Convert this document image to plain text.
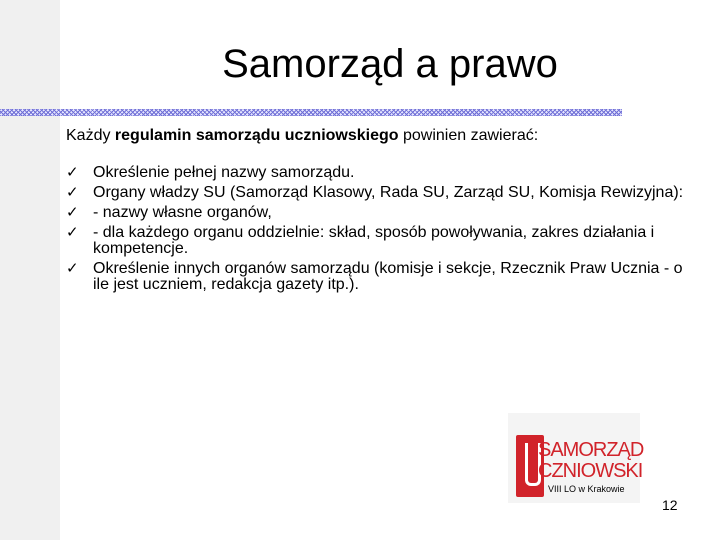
Samorząd a prawo
Każdy regulamin samorządu uczniowskiego powinien zawierać:
✓ Określenie pełnej nazwy samorządu.
✓ Organy władzy SU (Samorząd Klasowy, Rada SU, Zarząd SU, Komisja Rewizyjna):
✓ - nazwy własne organów,
✓ - dla każdego organu oddzielnie: skład, sposób powoływania, zakres działania i kompetencje.
✓ Określenie innych organów samorządu (komisje i sekcje, Rzecznik Praw Ucznia - o ile jest uczniem, redakcja gazety itp.).
SAMORZĄD
CZNIOWSKI
VIII LO w Krakowie
12
